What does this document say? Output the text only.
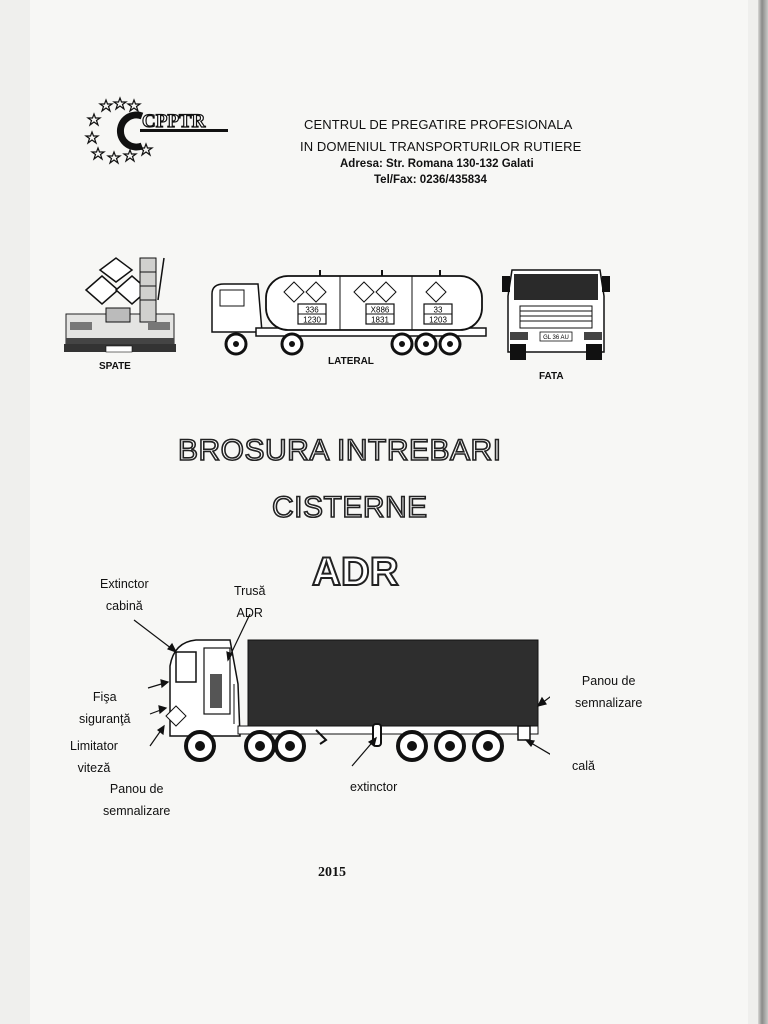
CPPTR	CENTRUL DE PREGATIRE PROFESIONALA
IN DOMENIUL TRANSPORTURILOR RUTIERE
Adresa: Str. Romana 130-132 Galati
Tel/Fax: 0236/435834
SPATE
336
1230
X886
1831
33
1203
LATERAL
GL 36 AU
FATA
BROSURA INTREBARI
CISTERNE
ADR
Extinctor
cabină
Trusă
ADR
Fişa
siguranţă
Limitator
viteză
Panou de
semnalizare
Panou de
semnalizare
extinctor
cală
2015
